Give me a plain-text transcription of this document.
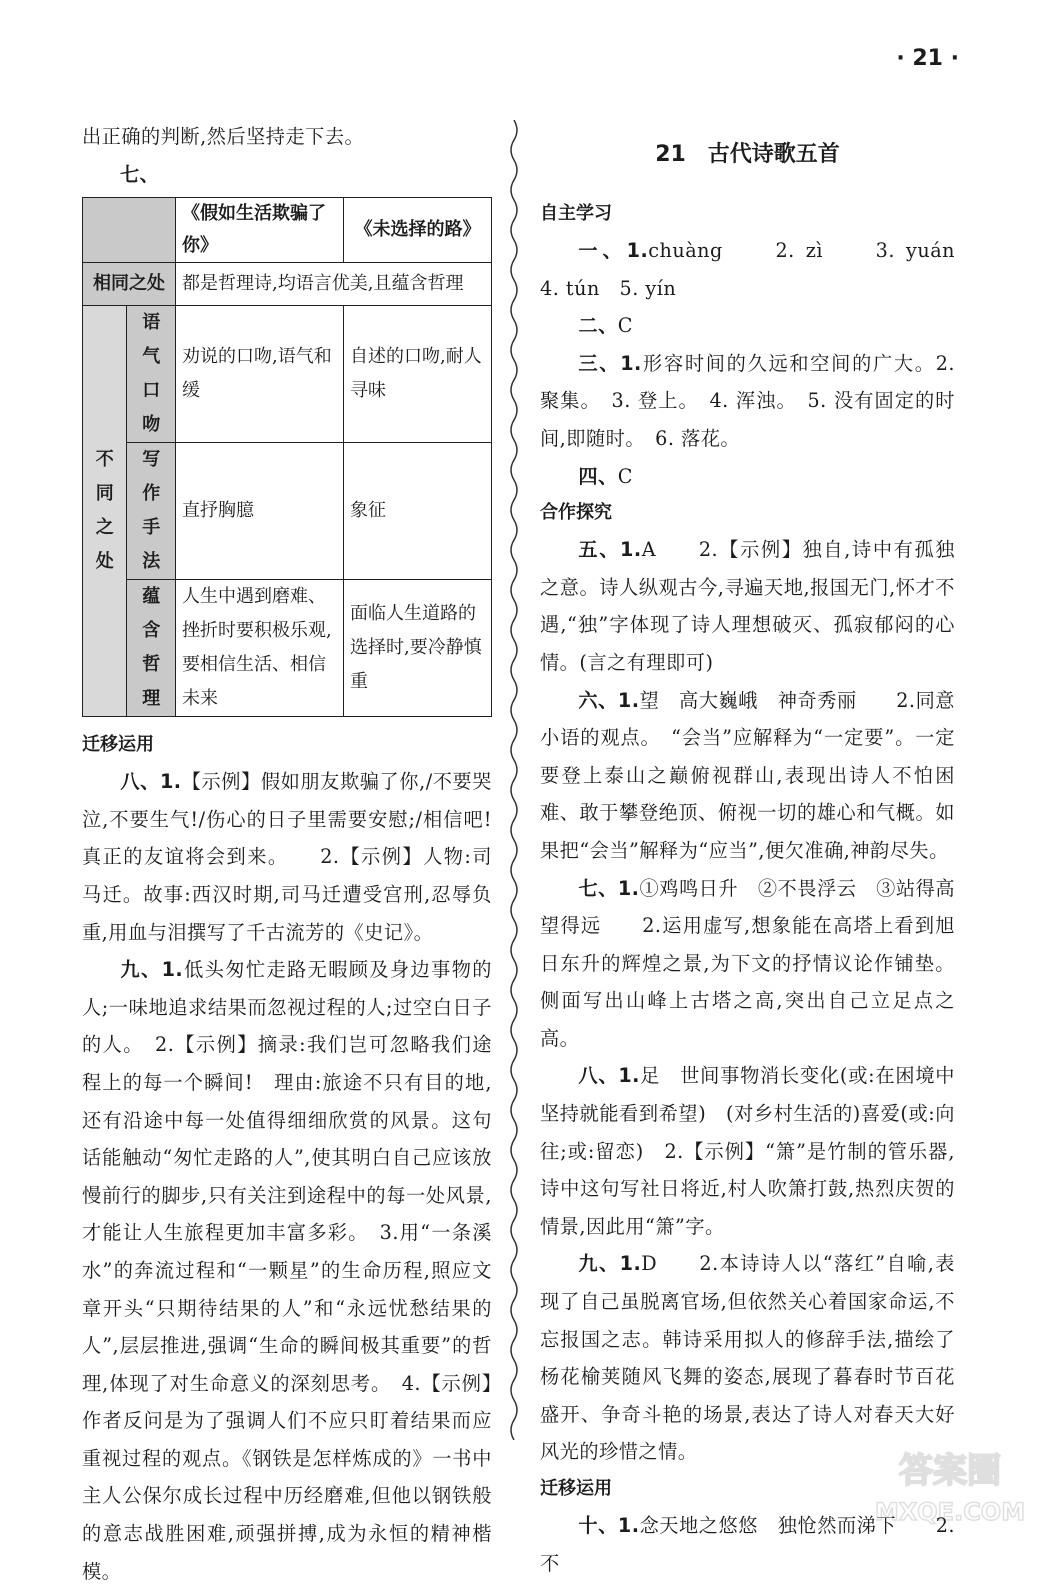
· 21 ·
出正确的判断,然后坚持走下去。
七、
		《假如生活欺骗了你》	《未选择的路》
相同之处		都是哲理诗,均语言优美,且蕴含哲理	
不同之处	语气口吻	劝说的口吻,语气和缓	自述的口吻,耐人寻味
	写作手法	直抒胸臆	象征
	蕴含哲理	人生中遇到磨难、挫折时要积极乐观,要相信生活、相信未来	面临人生道路的选择时,要冷静慎重
迁移运用
八、1.【示例】假如朋友欺骗了你,/不要哭泣,不要生气!/伤心的日子里需要安慰;/相信吧!真正的友谊将会到来。　　2.【示例】人物:司马迁。故事:西汉时期,司马迁遭受宫刑,忍辱负重,用血与泪撰写了千古流芳的《史记》。
九、1.低头匆忙走路无暇顾及身边事物的人;一味地追求结果而忽视过程的人;过空白日子的人。　2.【示例】摘录:我们岂可忽略我们途程上的每一个瞬间!　理由:旅途不只有目的地,还有沿途中每一处值得细细欣赏的风景。这句话能触动“匆忙走路的人”,使其明白自己应该放慢前行的脚步,只有关注到途程中的每一处风景,才能让人生旅程更加丰富多彩。　3.用“一条溪水”的奔流过程和“一颗星”的生命历程,照应文章开头“只期待结果的人”和“永远忧愁结果的人”,层层推进,强调“生命的瞬间极其重要”的哲理,体现了对生命意义的深刻思考。　4.【示例】作者反问是为了强调人们不应只盯着结果而应重视过程的观点。《钢铁是怎样炼成的》一书中主人公保尔成长过程中历经磨难,但他以钢铁般的意志战胜困难,顽强拼搏,成为永恒的精神楷模。
21　古代诗歌五首
自主学习
一、1.chuàng　　2. zì　　3. yuán　　4. tún　5. yín
二、C
三、1.形容时间的久远和空间的广大。2. 聚集。　3. 登上。　4. 浑浊。　5. 没有固定的时间,即随时。　6. 落花。
四、C
合作探究
五、1.A　　2.【示例】独自,诗中有孤独之意。诗人纵观古今,寻遍天地,报国无门,怀才不遇,“独”字体现了诗人理想破灭、孤寂郁闷的心情。(言之有理即可)
六、1.望　高大巍峨　神奇秀丽　　2.同意小语的观点。　“会当”应解释为“一定要”。一定要登上泰山之巅俯视群山,表现出诗人不怕困难、敢于攀登绝顶、俯视一切的雄心和气概。如果把“会当”解释为“应当”,便欠准确,神韵尽失。
七、1.①鸡鸣日升　②不畏浮云　③站得高望得远　　2.运用虚写,想象能在高塔上看到旭日东升的辉煌之景,为下文的抒情议论作铺垫。侧面写出山峰上古塔之高,突出自己立足点之高。
八、1.足　世间事物消长变化(或:在困境中坚持就能看到希望)　(对乡村生活的)喜爱(或:向往;或:留恋)　2.【示例】“箫”是竹制的管乐器,诗中这句写社日将近,村人吹箫打鼓,热烈庆贺的情景,因此用“箫”字。
九、1.D　　2.本诗诗人以“落红”自喻,表现了自己虽脱离官场,但依然关心着国家命运,不忘报国之志。韩诗采用拟人的修辞手法,描绘了杨花榆荚随风飞舞的姿态,展现了暮春时节百花盛开、争奇斗艳的场景,表达了诗人对春天大好风光的珍惜之情。
迁移运用
十、1.念天地之悠悠　独怆然而涕下　　2.不
答案圈
MXQE.COM
